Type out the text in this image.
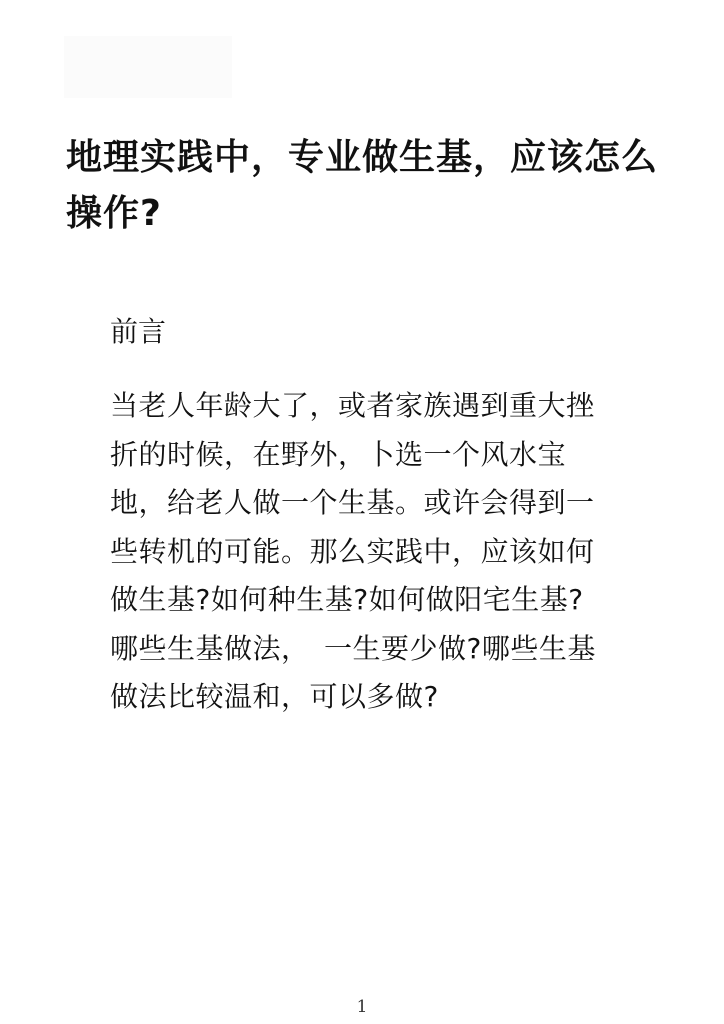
地理实践中，专业做生基，应该怎么操作?
前言

当老人年龄大了，或者家族遇到重大挫折的时候，在野外，卜选一个风水宝地，给老人做一个生基。或许会得到一些转机的可能。那么实践中，应该如何做生基?如何种生基?如何做阳宅生基?哪些生基做法，　一生要少做?哪些生基做法比较温和，可以多做?

1
